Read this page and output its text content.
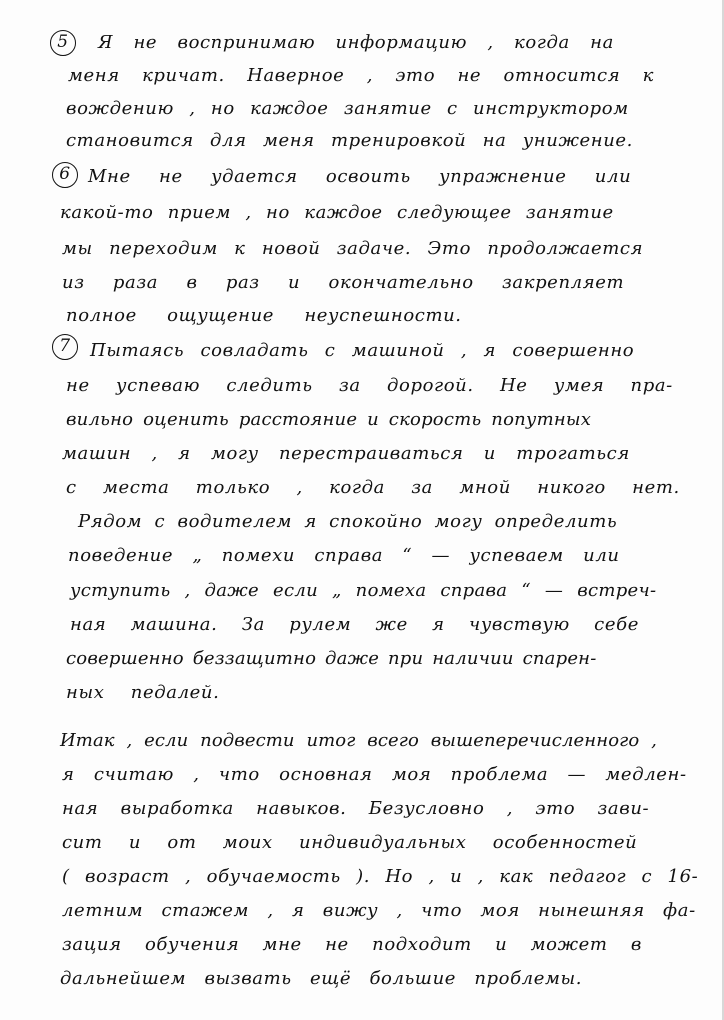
5	Я не воспринимаю информацию , когда на
меня кричат. Наверное , это не относится к
вождению , но каждое занятие с инструктором
становится для меня тренировкой на унижение.
6 Мне не удается освоить упражнение или
какой-то прием , но каждое следующее занятие
мы переходим к новой задаче. Это продолжается
из раза в раз и окончательно закрепляет
полное ощущение неуспешности.
7	Пытаясь совладать с машиной , я совершенно
не успеваю следить за дорогой. Не умея пра-
вильно оценить расстояние и скорость попутных
машин , я могу перестраиваться и трогаться
с места только , когда за мной никого нет.
Рядом с водителем я спокойно могу определить
поведение „ помехи справа “ — успеваем или
уступить , даже если „ помеха справа “ — встреч-
ная машина. За рулем же я чувствую себе
совершенно беззащитно даже при наличии спарен-
ных педалей.
Итак , если подвести итог всего вышеперечисленного ,
я считаю , что основная моя проблема — медлен-
ная выработка навыков. Безусловно , это зави-
сит и от моих индивидуальных особенностей
( возраст , обучаемость ). Но , и , как педагог с 16-
летним стажем , я вижу , что моя нынешняя фа-
зация обучения мне не подходит и может в
дальнейшем вызвать ещё большие проблемы.
